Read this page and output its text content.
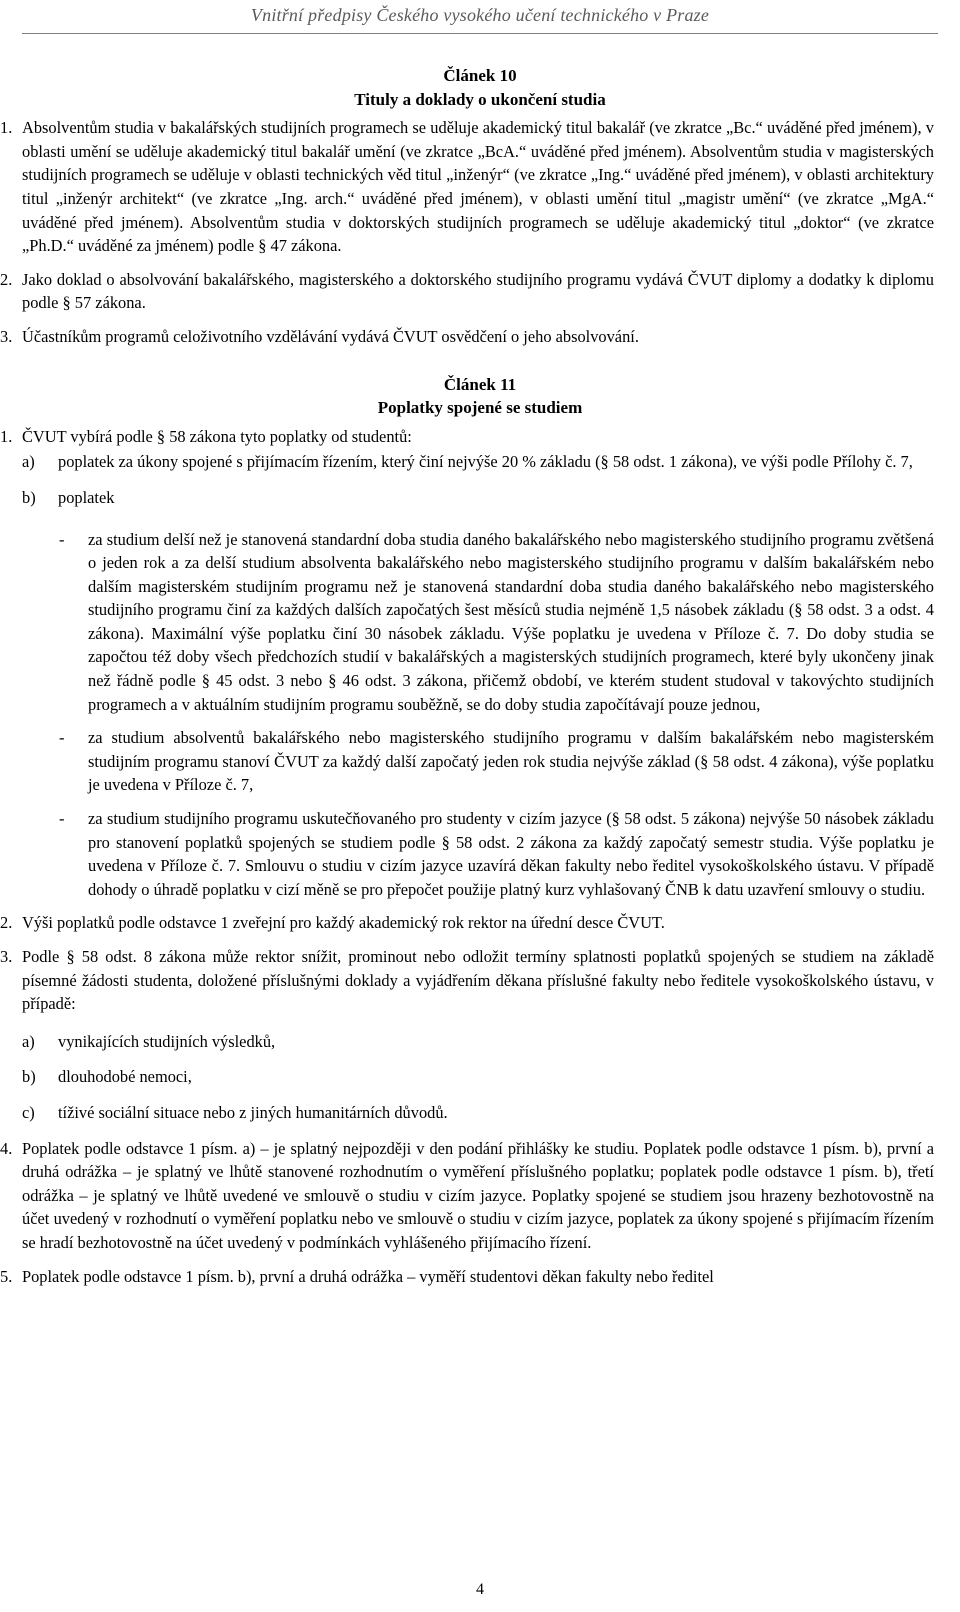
Vnitřní předpisy Českého vysokého učení technického v Praze

Článek 10

Tituly a doklady o ukončení studia

1. Absolventům studia v bakalářských studijních programech se uděluje akademický titul bakalář (ve zkratce „Bc.“ uváděné před jménem), v oblasti umění se uděluje akademický titul bakalář umění (ve zkratce „BcA.“ uváděné před jménem). Absolventům studia v magisterských studijních programech se uděluje v oblasti technických věd titul „inženýr“ (ve zkratce „Ing.“ uváděné před jménem), v oblasti architektury titul „inženýr architekt“ (ve zkratce „Ing. arch.“ uváděné před jménem), v oblasti umění titul „magistr umění“ (ve zkratce „MgA.“ uváděné před jménem). Absolventům studia v doktorských studijních programech se uděluje akademický titul „doktor“ (ve zkratce „Ph.D.“ uváděné za jménem) podle § 47 zákona.
2. Jako doklad o absolvování bakalářského, magisterského a doktorského studijního programu vydává ČVUT diplomy a dodatky k diplomu podle § 57 zákona.
3. Účastníkům programů celoživotního vzdělávání vydává ČVUT osvědčení o jeho absolvování.

Článek 11

Poplatky spojené se studiem

1. ČVUT vybírá podle § 58 zákona tyto poplatky od studentů:
a) poplatek za úkony spojené s přijímacím řízením, který činí nejvýše 20 % základu (§ 58 odst. 1 zákona), ve výši podle Přílohy č. 7,
b) poplatek
- za studium delší než je stanovená standardní doba studia daného bakalářského nebo magisterského studijního programu zvětšená o jeden rok a za delší studium absolventa bakalářského nebo magisterského studijního programu v dalším bakalářském nebo dalším magisterském studijním programu než je stanovená standardní doba studia daného bakalářského nebo magisterského studijního programu činí za každých dalších započatých šest měsíců studia nejméně 1,5 násobek základu (§ 58 odst. 3 a odst. 4 zákona). Maximální výše poplatku činí 30 násobek základu. Výše poplatku je uvedena v Příloze č. 7. Do doby studia se započtou též doby všech předchozích studií v bakalářských a magisterských studijních programech, které byly ukončeny jinak než řádně podle § 45 odst. 3 nebo § 46 odst. 3 zákona, přičemž období, ve kterém student studoval v takovýchto studijních programech a v aktuálním studijním programu souběžně, se do doby studia započítávají pouze jednou,
- za studium absolventů bakalářského nebo magisterského studijního programu v dalším bakalářském nebo magisterském studijním programu stanoví ČVUT za každý další započatý jeden rok studia nejvýše základ (§ 58 odst. 4 zákona), výše poplatku je uvedena v Příloze č. 7,
- za studium studijního programu uskutečňovaného pro studenty v cizím jazyce (§ 58 odst. 5 zákona) nejvýše 50 násobek základu pro stanovení poplatků spojených se studiem podle § 58 odst. 2 zákona za každý započatý semestr studia. Výše poplatku je uvedena v Příloze č. 7. Smlouvu o studiu v cizím jazyce uzavírá děkan fakulty nebo ředitel vysokoškolského ústavu. V případě dohody o úhradě poplatku v cizí měně se pro přepočet použije platný kurz vyhlašovaný ČNB k datu uzavření smlouvy o studiu.
2. Výši poplatků podle odstavce 1 zveřejní pro každý akademický rok rektor na úřední desce ČVUT.
3. Podle § 58 odst. 8 zákona může rektor snížit, prominout nebo odložit termíny splatnosti poplatků spojených se studiem na základě písemné žádosti studenta, doložené příslušnými doklady a vyjádřením děkana příslušné fakulty nebo ředitele vysokoškolského ústavu, v případě:
a) vynikajících studijních výsledků,
b) dlouhodobé nemoci,
c) tíživé sociální situace nebo z jiných humanitárních důvodů.
4. Poplatek podle odstavce 1 písm. a) – je splatný nejpozději v den podání přihlášky ke studiu. Poplatek podle odstavce 1 písm. b), první a druhá odrážka – je splatný ve lhůtě stanovené rozhodnutím o vyměření příslušného poplatku; poplatek podle odstavce 1 písm. b), třetí odrážka – je splatný ve lhůtě uvedené ve smlouvě o studiu v cizím jazyce. Poplatky spojené se studiem jsou hrazeny bezhotovostně na účet uvedený v rozhodnutí o vyměření poplatku nebo ve smlouvě o studiu v cizím jazyce, poplatek za úkony spojené s přijímacím řízením se hradí bezhotovostně na účet uvedený v podmínkách vyhlášeného přijímacího řízení.
5. Poplatek podle odstavce 1 písm. b), první a druhá odrážka – vyměří studentovi děkan fakulty nebo ředitel
4
